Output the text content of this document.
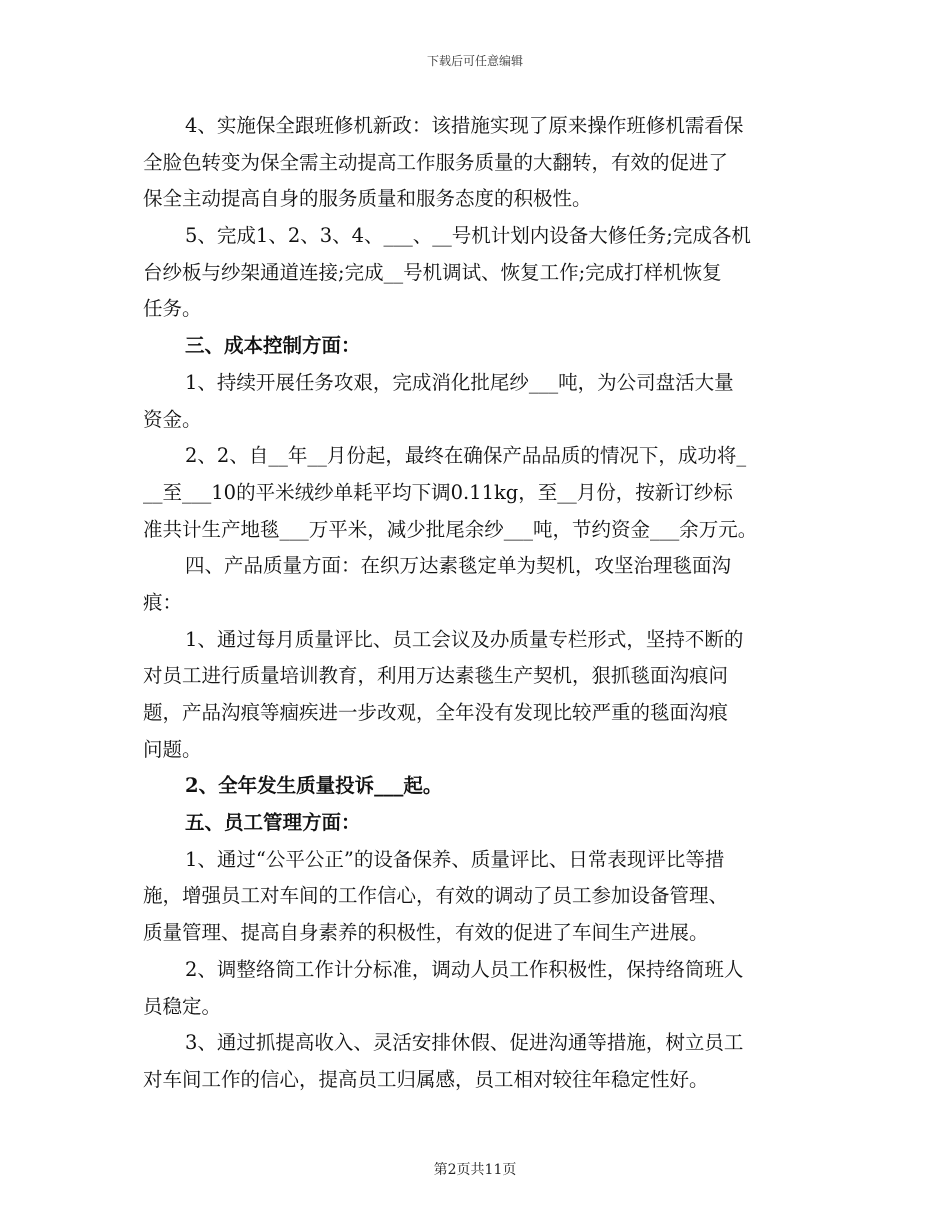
下载后可任意编辑
4、实施保全跟班修机新政：该措施实现了原来操作班修机需看保
全脸色转变为保全需主动提高工作服务质量的大翻转，有效的促进了
保全主动提高自身的服务质量和服务态度的积极性。
5、完成1、2、3、4、___、__号机计划内设备大修任务;完成各机
台纱板与纱架通道连接;完成__号机调试、恢复工作;完成打样机恢复
任务。
三、成本控制方面：
1、持续开展任务攻艰，完成消化批尾纱___吨，为公司盘活大量
资金。
2、2、自__年__月份起，最终在确保产品品质的情况下，成功将_
__至___10的平米绒纱单耗平均下调0.11kg，至__月份，按新订纱标
准共计生产地毯___万平米，减少批尾余纱___吨，节约资金___余万元。
四、产品质量方面：在织万达素毯定单为契机，攻坚治理毯面沟
痕：
1、通过每月质量评比、员工会议及办质量专栏形式，坚持不断的
对员工进行质量培训教育，利用万达素毯生产契机，狠抓毯面沟痕问
题，产品沟痕等痼疾进一步改观，全年没有发现比较严重的毯面沟痕
问题。
2、全年发生质量投诉___起。
五、员工管理方面：
1、通过“公平公正”的设备保养、质量评比、日常表现评比等措
施，增强员工对车间的工作信心，有效的调动了员工参加设备管理、
质量管理、提高自身素养的积极性，有效的促进了车间生产进展。
2、调整络筒工作计分标准，调动人员工作积极性，保持络筒班人
员稳定。
3、通过抓提高收入、灵活安排休假、促进沟通等措施，树立员工
对车间工作的信心，提高员工归属感，员工相对较往年稳定性好。
第2页共11页
